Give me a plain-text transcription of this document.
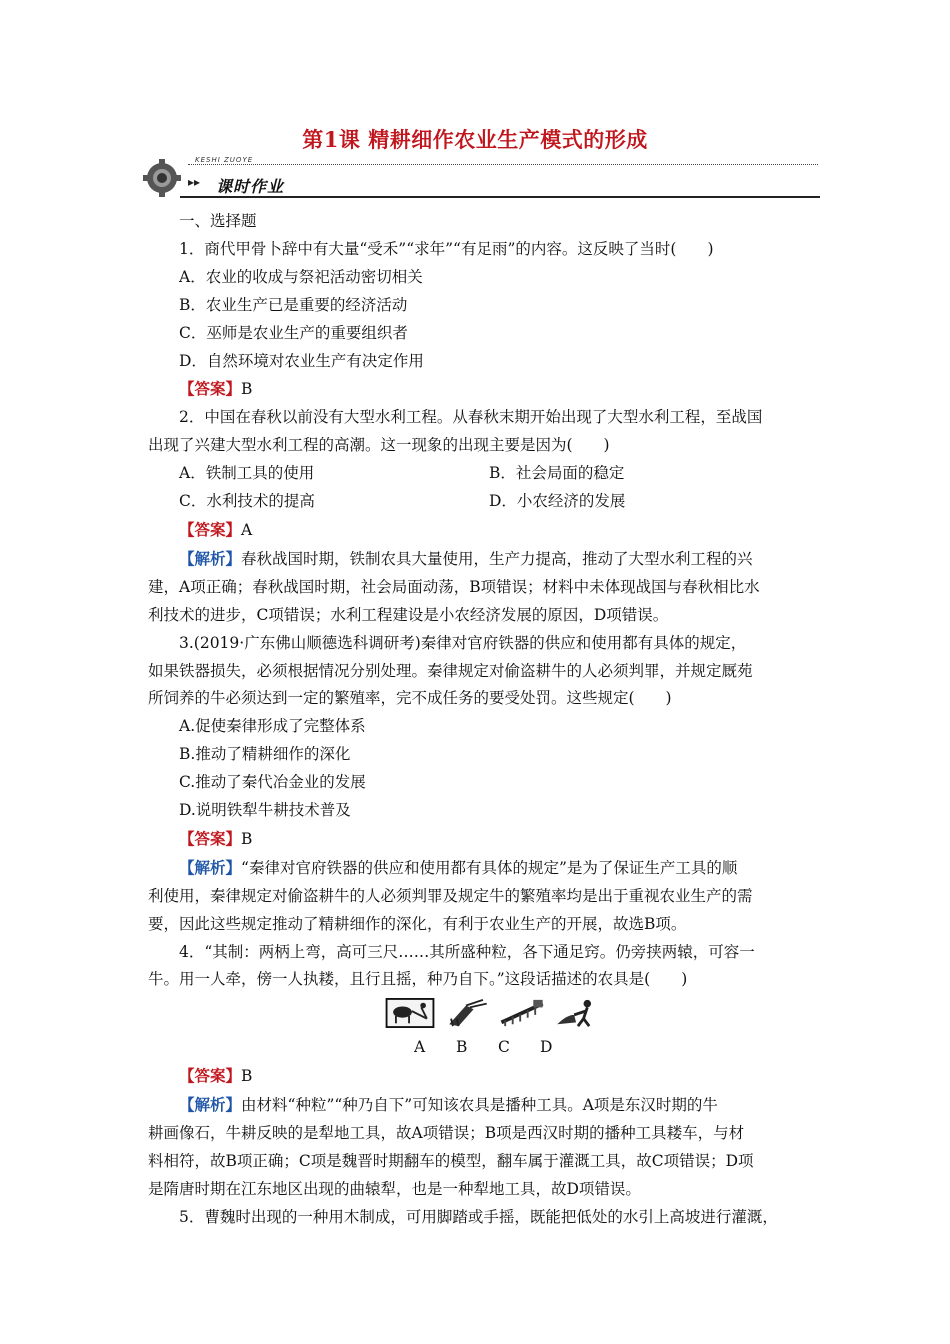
第1课 精耕细作农业生产模式的形成
KESHI ZUOYE
▸▸ 课时作业

一、选择题

1．商代甲骨卜辞中有大量“受禾”“求年”“有足雨”的内容。这反映了当时(　　)

A．农业的收成与祭祀活动密切相关

B．农业生产已是重要的经济活动

C．巫师是农业生产的重要组织者

D．自然环境对农业生产有决定作用

【答案】B

2．中国在春秋以前没有大型水利工程。从春秋末期开始出现了大型水利工程，至战国

出现了兴建大型水利工程的高潮。这一现象的出现主要是因为(　　)

A．铁制工具的使用	B．社会局面的稳定
C．水利技术的提高	D．小农经济的发展

【答案】A

【解析】春秋战国时期，铁制农具大量使用，生产力提高，推动了大型水利工程的兴

建，A项正确；春秋战国时期，社会局面动荡，B项错误；材料中未体现战国与春秋相比水

利技术的进步，C项错误；水利工程建设是小农经济发展的原因，D项错误。

3.(2019·广东佛山顺德选科调研考)秦律对官府铁器的供应和使用都有具体的规定，

如果铁器损失，必须根据情况分别处理。秦律规定对偷盗耕牛的人必须判罪，并规定厩苑

所饲养的牛必须达到一定的繁殖率，完不成任务的要受处罚。这些规定(　　)

A.促使秦律形成了完整体系

B.推动了精耕细作的深化

C.推动了秦代冶金业的发展

D.说明铁犁牛耕技术普及

【答案】B

【解析】“秦律对官府铁器的供应和使用都有具体的规定”是为了保证生产工具的顺

利使用，秦律规定对偷盗耕牛的人必须判罪及规定牛的繁殖率均是出于重视农业生产的需

要，因此这些规定推动了精耕细作的深化，有利于农业生产的开展，故选B项。

4．“其制：两柄上弯，高可三尺……其所盛种粒，各下通足窍。仍旁挟两辕，可容一

牛。用一人牵，傍一人执耧，且行且摇，种乃自下。”这段话描述的农具是(　　)

A B C D

【答案】B

【解析】由材料“种粒”“种乃自下”可知该农具是播种工具。A项是东汉时期的牛

耕画像石，牛耕反映的是犁地工具，故A项错误；B项是西汉时期的播种工具耧车，与材

料相符，故B项正确；C项是魏晋时期翻车的模型，翻车属于灌溉工具，故C项错误；D项

是隋唐时期在江东地区出现的曲辕犁，也是一种犁地工具，故D项错误。

5．曹魏时出现的一种用木制成，可用脚踏或手摇，既能把低处的水引上高坡进行灌溉，
